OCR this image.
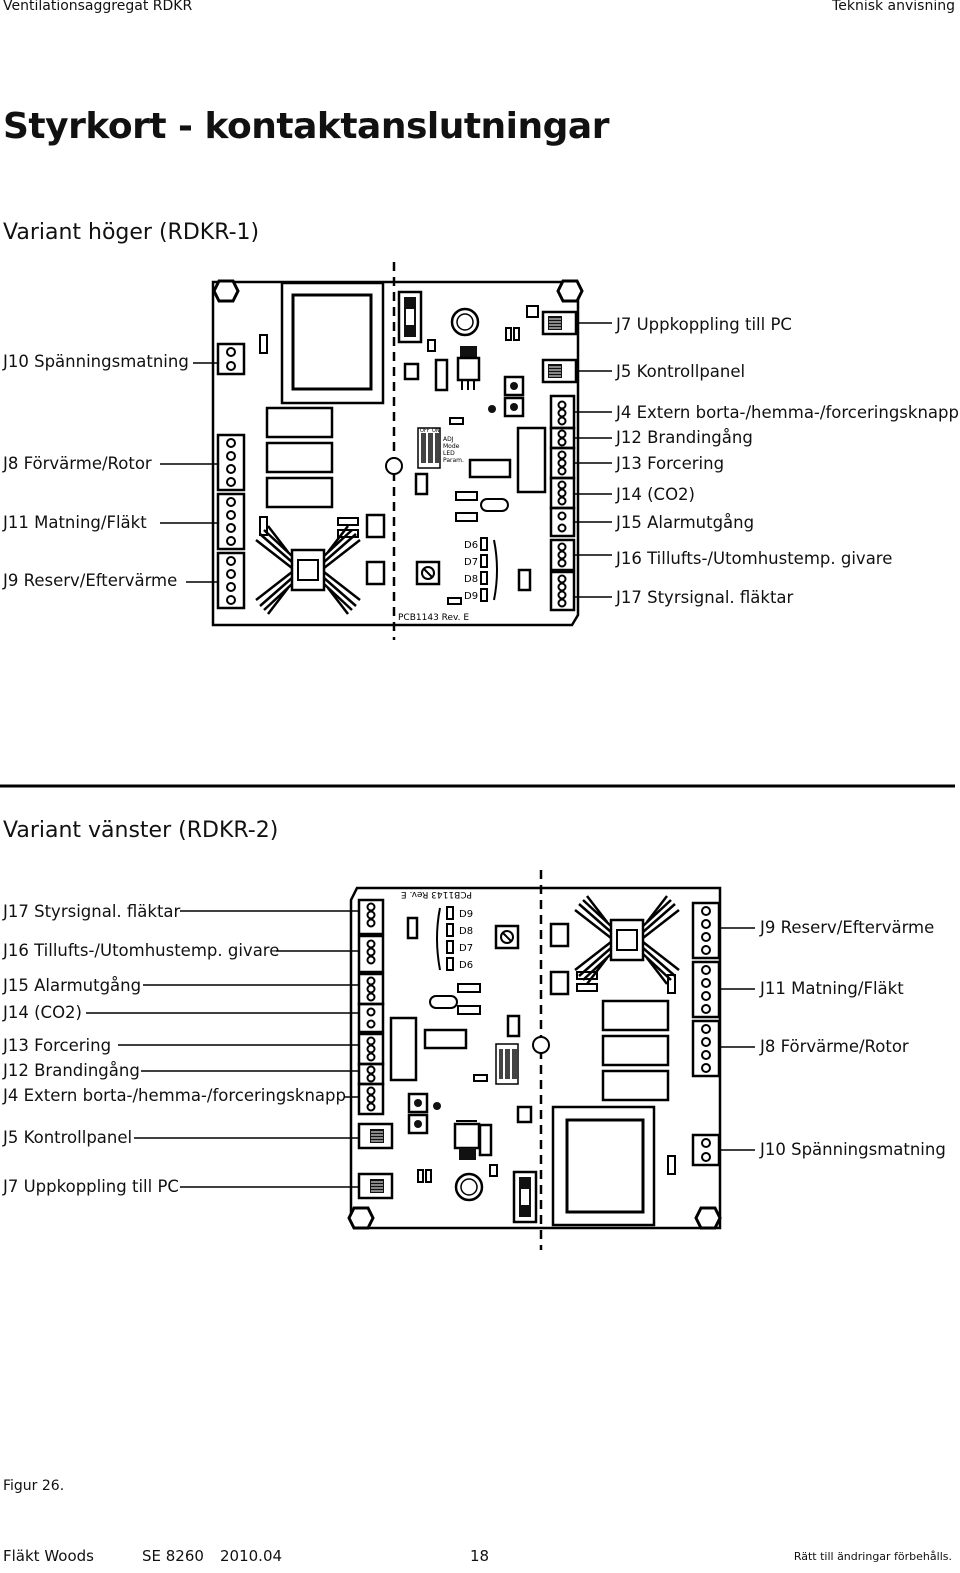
Ventilationsaggregat RDKR	Teknisk anvisning
Styrkort - kontaktanslutningar
Variant höger (RDKR-1)
J10 Spänningsmatning
J8 Förvärme/Rotor
J11 Matning/Fläkt
J9 Reserv/Eftervärme
J7 Uppkoppling till PC
J5 Kontrollpanel
J4 Extern borta-/hemma-/forceringsknapp
J12 Brandingång
J13 Forcering
J14 (CO2)
J15 Alarmutgång
J16 Tillufts-/Utomhustemp. givare
J17 Styrsignal. fläktar
Variant vänster (RDKR-2)
J17 Styrsignal. fläktar
J16 Tillufts-/Utomhustemp. givare
J15 Alarmutgång
J14 (CO2)
J13 Forcering
J12 Brandingång
J4 Extern borta-/hemma-/forceringsknapp
J5 Kontrollpanel
J7 Uppkoppling till PC
J9 Reserv/Eftervärme
J11 Matning/Fläkt
J8 Förvärme/Rotor
J10 Spänningsmatning
Figur 26.
Fläkt Woods	SE 8260 2010.04	18	Rätt till ändringar förbehålls.
OFF ON
ADJ
Mode
LED
Param.
D6
D7
D8
D9
PCB1143 Rev. E
PCB1143 Rev. E
D9
D8
D7
D6
